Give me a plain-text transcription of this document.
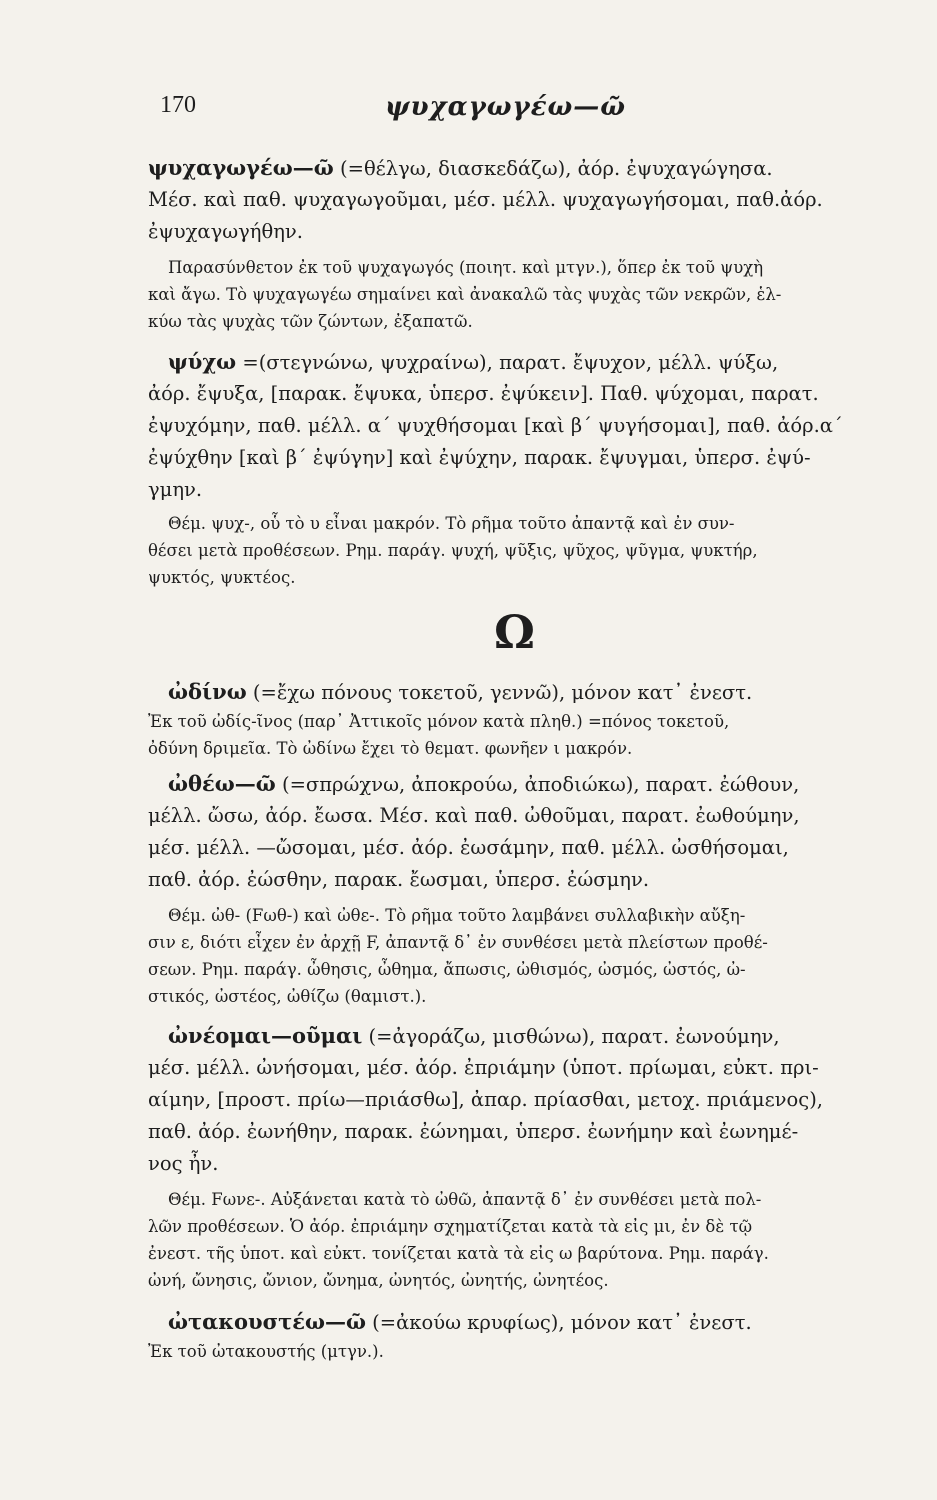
170	ψυχαγωγέω—ῶ
ψυχαγωγέω—ῶ (=θέλγω, διασκεδάζω), ἀόρ. ἐψυχαγώγησα.
Μέσ. καὶ παθ. ψυχαγωγοῦμαι, μέσ. μέλλ. ψυχαγωγήσομαι, παθ.ἀόρ.
ἐψυχαγωγήθην.
Παρασύνθετον ἐκ τοῦ ψυχαγωγός (ποιητ. καὶ μτγν.), ὅπερ ἐκ τοῦ ψυχὴ
καὶ ἄγω. Τὸ ψυχαγωγέω σημαίνει καὶ ἀνακαλῶ τὰς ψυχὰς τῶν νεκρῶν, ἑλ-
κύω τὰς ψυχὰς τῶν ζώντων, ἐξαπατῶ.
ψύχω =(στεγνώνω, ψυχραίνω), παρατ. ἔψυχον, μέλλ. ψύξω,
ἀόρ. ἔψυξα, [παρακ. ἔψυκα, ὑπερσ. ἐψύκειν]. Παθ. ψύχομαι, παρατ.
ἐψυχόμην, παθ. μέλλ. α΄ ψυχθήσομαι [καὶ β΄ ψυγήσομαι], παθ. ἀόρ.α΄
ἐψύχθην [καὶ β΄ ἐψύγην] καὶ ἐψύχην, παρακ. ἔψυγμαι, ὑπερσ. ἐψύ-
γμην.
Θέμ. ψυχ-, οὗ τὸ υ εἶναι μακρόν. Τὸ ρῆμα τοῦτο ἀπαντᾷ καὶ ἐν συν-
θέσει μετὰ προθέσεων. Ρημ. παράγ. ψυχή, ψῦξις, ψῦχος, ψῦγμα, ψυκτήρ,
ψυκτός, ψυκτέος.
Ω
ὠδίνω (=ἔχω πόνους τοκετοῦ, γεννῶ), μόνον κατ᾽ ἐνεστ.
Ἐκ τοῦ ὠδίς-ῖνος (παρ᾽ Ἀττικοῖς μόνον κατὰ πληθ.) =πόνος τοκετοῦ,
ὀδύνη δριμεῖα. Τὸ ὠδίνω ἔχει τὸ θεματ. φωνῆεν ι μακρόν.
ὠθέω—ῶ (=σπρώχνω, ἀποκρούω, ἀποδιώκω), παρατ. ἐώθουν,
μέλλ. ὤσω, ἀόρ. ἔωσα. Μέσ. καὶ παθ. ὠθοῦμαι, παρατ. ἐωθούμην,
μέσ. μέλλ. —ὤσομαι, μέσ. ἀόρ. ἐωσάμην, παθ. μέλλ. ὠσθήσομαι,
παθ. ἀόρ. ἐώσθην, παρακ. ἔωσμαι, ὑπερσ. ἐώσμην.
Θέμ. ὠθ- (Fωθ-) καὶ ὠθε-. Τὸ ρῆμα τοῦτο λαμβάνει συλλαβικὴν αὔξη-
σιν ε, διότι εἶχεν ἐν ἀρχῇ F, ἀπαντᾷ δ᾽ ἐν συνθέσει μετὰ πλείστων προθέ-
σεων. Ρημ. παράγ. ὦθησις, ὦθημα, ἄπωσις, ὠθισμός, ὠσμός, ὠστός, ὠ-
στικός, ὠστέος, ὠθίζω (θαμιστ.).
ὠνέομαι—οῦμαι (=ἀγοράζω, μισθώνω), παρατ. ἐωνούμην,
μέσ. μέλλ. ὠνήσομαι, μέσ. ἀόρ. ἐπριάμην (ὑποτ. πρίωμαι, εὐκτ. πρι-
αίμην, [προστ. πρίω—πριάσθω], ἀπαρ. πρίασθαι, μετοχ. πριάμενος),
παθ. ἀόρ. ἐωνήθην, παρακ. ἐώνημαι, ὑπερσ. ἐωνήμην καὶ ἐωνημέ-
νος ἦν.
Θέμ. Fωνε-. Αὐξάνεται κατὰ τὸ ὠθῶ, ἀπαντᾷ δ᾽ ἐν συνθέσει μετὰ πολ-
λῶν προθέσεων. Ὁ ἀόρ. ἐπριάμην σχηματίζεται κατὰ τὰ εἰς μι, ἐν δὲ τῷ
ἐνεστ. τῆς ὑποτ. καὶ εὐκτ. τονίζεται κατὰ τὰ εἰς ω βαρύτονα. Ρημ. παράγ.
ὠνή, ὤνησις, ὤνιον, ὤνημα, ὠνητός, ὠνητής, ὠνητέος.
ὠτακουστέω—ῶ (=ἀκούω κρυφίως), μόνον κατ᾽ ἐνεστ.
Ἐκ τοῦ ὠτακουστής (μτγν.).
